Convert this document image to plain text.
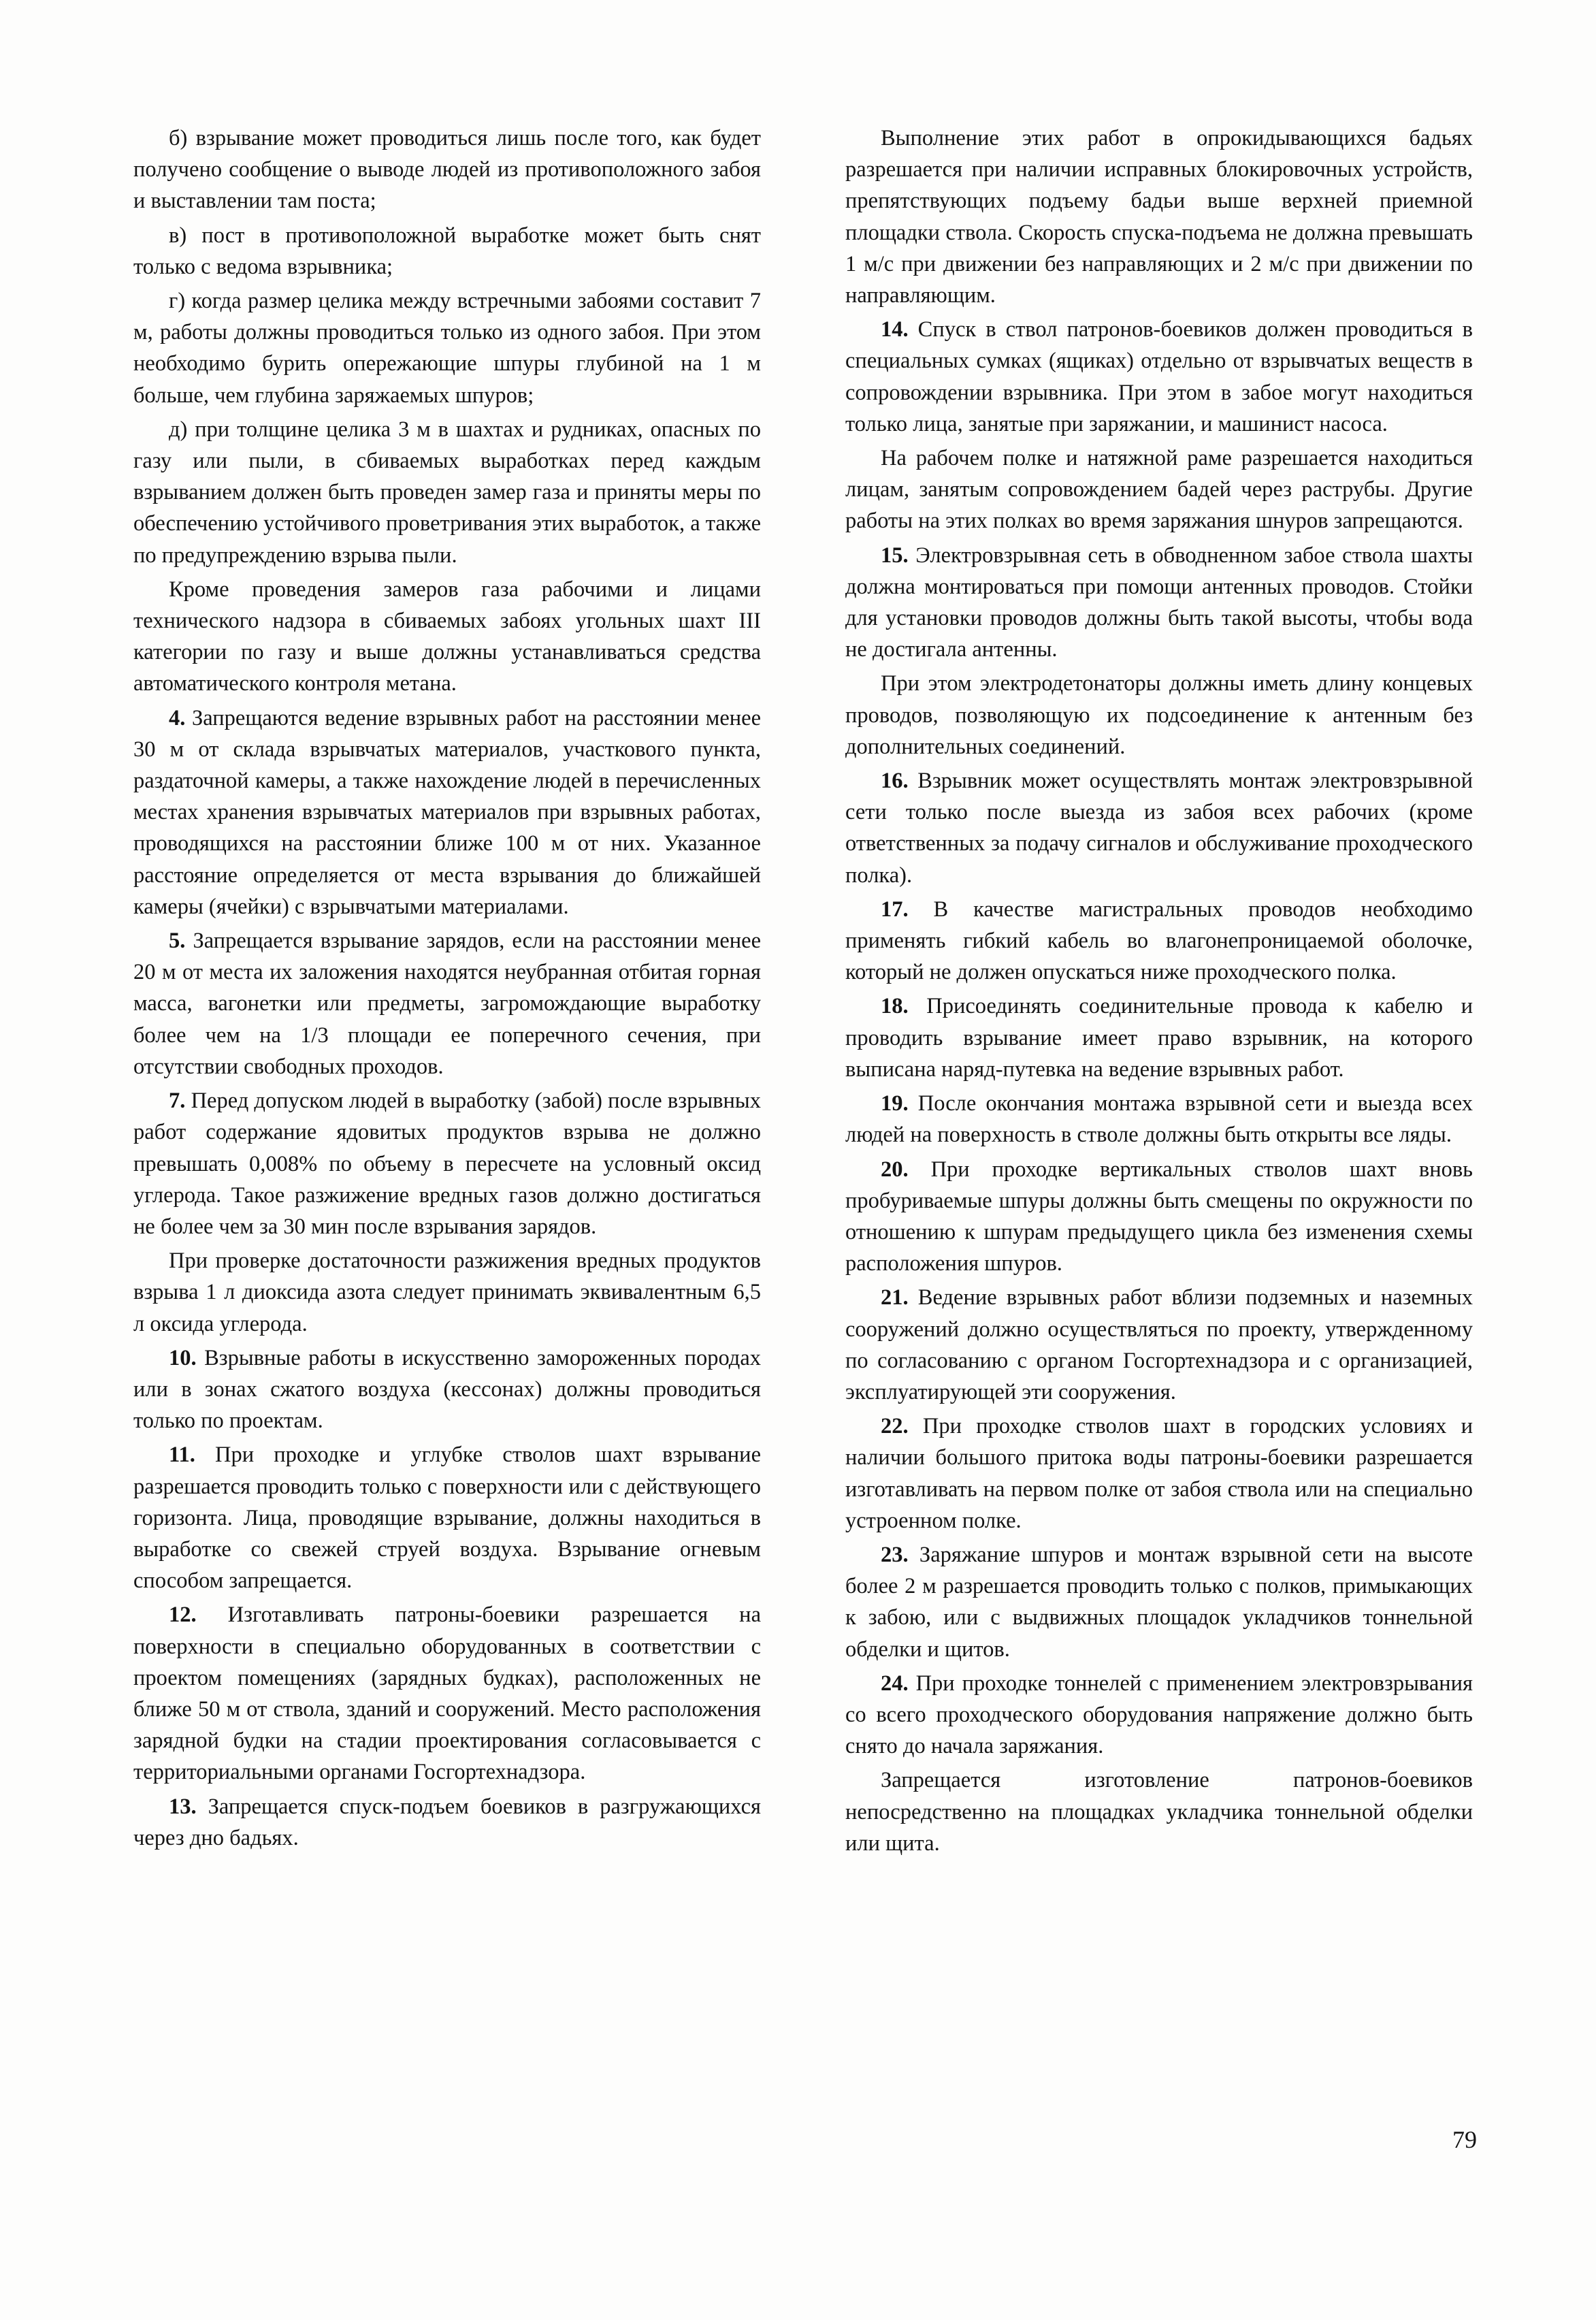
б) взрывание может проводиться лишь после того, как будет получено сообщение о выводе людей из противоположного забоя и выставлении там поста;

в) пост в противоположной выработке может быть снят только с ведома взрывника;

г) когда размер целика между встречными забоями составит 7 м, работы должны проводиться только из одного забоя. При этом необходимо бурить опережающие шпуры глубиной на 1 м больше, чем глубина заряжаемых шпуров;

д) при толщине целика 3 м в шахтах и рудниках, опасных по газу или пыли, в сбиваемых выработках перед каждым взрыванием должен быть проведен замер газа и приняты меры по обеспечению устойчивого проветривания этих выработок, а также по предупреждению взрыва пыли.

Кроме проведения замеров газа рабочими и лицами технического надзора в сбиваемых забоях угольных шахт III категории по газу и выше должны устанавливаться средства автоматического контроля метана.

4. Запрещаются ведение взрывных работ на расстоянии менее 30 м от склада взрывчатых материалов, участкового пункта, раздаточной камеры, а также нахождение людей в перечисленных местах хранения взрывчатых материалов при взрывных работах, проводящихся на расстоянии ближе 100 м от них. Указанное расстояние определяется от места взрывания до ближайшей камеры (ячейки) с взрывчатыми материалами.

5. Запрещается взрывание зарядов, если на расстоянии менее 20 м от места их заложения находятся неубранная отбитая горная масса, вагонетки или предметы, загромождающие выработку более чем на 1/3 площади ее поперечного сечения, при отсутствии свободных проходов.

7. Перед допуском людей в выработку (забой) после взрывных работ содержание ядовитых продуктов взрыва не должно превышать 0,008% по объему в пересчете на условный оксид углерода. Такое разжижение вредных газов должно достигаться не более чем за 30 мин после взрывания зарядов.

При проверке достаточности разжижения вредных продуктов взрыва 1 л диоксида азота следует принимать эквивалентным 6,5 л оксида углерода.

10. Взрывные работы в искусственно замороженных породах или в зонах сжатого воздуха (кессонах) должны проводиться только по проектам.

11. При проходке и углубке стволов шахт взрывание разрешается проводить только с поверхности или с действующего горизонта. Лица, проводящие взрывание, должны находиться в выработке со свежей струей воздуха. Взрывание огневым способом запрещается.

12. Изготавливать патроны-боевики разрешается на поверхности в специально оборудованных в соответствии с проектом помещениях (зарядных будках), расположенных не ближе 50 м от ствола, зданий и сооружений. Место расположения зарядной будки на стадии проектирования согласовывается с территориальными органами Госгортехнадзора.

13. Запрещается спуск-подъем боевиков в разгружающихся через дно бадьях.

Выполнение этих работ в опрокидывающихся бадьях разрешается при наличии исправных блокировочных устройств, препятствующих подъему бадьи выше верхней приемной площадки ствола. Скорость спуска-подъема не должна превышать 1 м/с при движении без направляющих и 2 м/с при движении по направляющим.

14. Спуск в ствол патронов-боевиков должен проводиться в специальных сумках (ящиках) отдельно от взрывчатых веществ в сопровождении взрывника. При этом в забое могут находиться только лица, занятые при заряжании, и машинист насоса.

На рабочем полке и натяжной раме разрешается находиться лицам, занятым сопровождением бадей через раструбы. Другие работы на этих полках во время заряжания шнуров запрещаются.

15. Электровзрывная сеть в обводненном забое ствола шахты должна монтироваться при помощи антенных проводов. Стойки для установки проводов должны быть такой высоты, чтобы вода не достигала антенны.

При этом электродетонаторы должны иметь длину концевых проводов, позволяющую их подсоединение к антенным без дополнительных соединений.

16. Взрывник может осуществлять монтаж электровзрывной сети только после выезда из забоя всех рабочих (кроме ответственных за подачу сигналов и обслуживание проходческого полка).

17. В качестве магистральных проводов необходимо применять гибкий кабель во влагонепроницаемой оболочке, который не должен опускаться ниже проходческого полка.

18. Присоединять соединительные провода к кабелю и проводить взрывание имеет право взрывник, на которого выписана наряд-путевка на ведение взрывных работ.

19. После окончания монтажа взрывной сети и выезда всех людей на поверхность в стволе должны быть открыты все ляды.

20. При проходке вертикальных стволов шахт вновь пробуриваемые шпуры должны быть смещены по окружности по отношению к шпурам предыдущего цикла без изменения схемы расположения шпуров.

21. Ведение взрывных работ вблизи подземных и наземных сооружений должно осуществляться по проекту, утвержденному по согласованию с органом Госгортехнадзора и с организацией, эксплуатирующей эти сооружения.

22. При проходке стволов шахт в городских условиях и наличии большого притока воды патроны-боевики разрешается изготавливать на первом полке от забоя ствола или на специально устроенном полке.

23. Заряжание шпуров и монтаж взрывной сети на высоте более 2 м разрешается проводить только с полков, примыкающих к забою, или с выдвижных площадок укладчиков тоннельной обделки и щитов.

24. При проходке тоннелей с применением электровзрывания со всего проходческого оборудования напряжение должно быть снято до начала заряжания.

Запрещается изготовление патронов-боевиков непосредственно на площадках укладчика тоннельной обделки или щита.

79
